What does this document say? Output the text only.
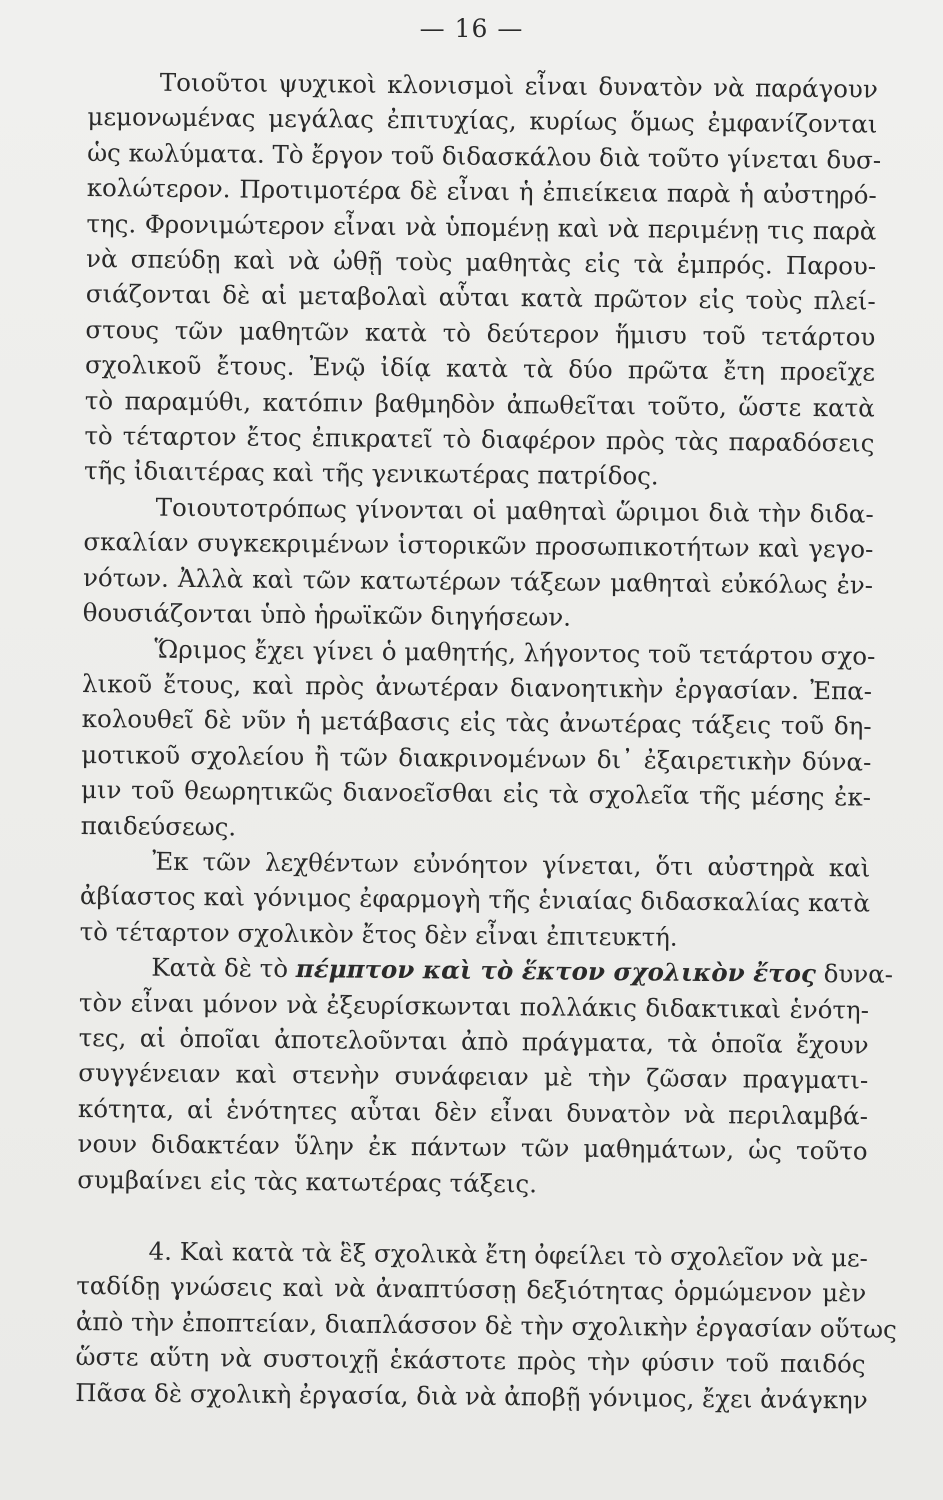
— 16 —
Τοιοῦτοι ψυχικοὶ κλονισμοὶ εἶναι δυνατὸν νὰ παράγουν
μεμονωμένας μεγάλας ἐπιτυχίας, κυρίως ὅμως ἐμφανίζονται
ὡς κωλύματα. Τὸ ἔργον τοῦ διδασκάλου διὰ τοῦτο γίνεται δυσ-
κολώτερον. Προτιμοτέρα δὲ εἶναι ἡ ἐπιείκεια παρὰ ἡ αὐστηρό-
της. Φρονιμώτερον εἶναι νὰ ὑπομένῃ καὶ νὰ περιμένῃ τις παρὰ
νὰ σπεύδῃ καὶ νὰ ὠθῇ τοὺς μαθητὰς εἰς τὰ ἐμπρός. Παρου-
σιάζονται δὲ αἱ μεταβολαὶ αὗται κατὰ πρῶτον εἰς τοὺς πλεί-
στους τῶν μαθητῶν κατὰ τὸ δεύτερον ἥμισυ τοῦ τετάρτου
σχολικοῦ ἔτους. Ἐνῷ ἰδίᾳ κατὰ τὰ δύο πρῶτα ἔτη προεῖχε
τὸ παραμύθι, κατόπιν βαθμηδὸν ἀπωθεῖται τοῦτο, ὥστε κατὰ
τὸ τέταρτον ἔτος ἐπικρατεῖ τὸ διαφέρον πρὸς τὰς παραδόσεις
τῆς ἰδιαιτέρας καὶ τῆς γενικωτέρας πατρίδος.
Τοιουτοτρόπως γίνονται οἱ μαθηταὶ ὥριμοι διὰ τὴν διδα-
σκαλίαν συγκεκριμένων ἱστορικῶν προσωπικοτήτων καὶ γεγο-
νότων. Ἀλλὰ καὶ τῶν κατωτέρων τάξεων μαθηταὶ εὐκόλως ἐν-
θουσιάζονται ὑπὸ ἡρωϊκῶν διηγήσεων.
Ὥριμος ἔχει γίνει ὁ μαθητής, λήγοντος τοῦ τετάρτου σχο-
λικοῦ ἔτους, καὶ πρὸς ἀνωτέραν διανοητικὴν ἐργασίαν. Ἐπα-
κολουθεῖ δὲ νῦν ἡ μετάβασις εἰς τὰς ἀνωτέρας τάξεις τοῦ δη-
μοτικοῦ σχολείου ἢ τῶν διακρινομένων δι᾽ ἐξαιρετικὴν δύνα-
μιν τοῦ θεωρητικῶς διανοεῖσθαι εἰς τὰ σχολεῖα τῆς μέσης ἐκ-
παιδεύσεως.
Ἐκ τῶν λεχθέντων εὐνόητον γίνεται, ὅτι αὐστηρὰ καὶ
ἀβίαστος καὶ γόνιμος ἐφαρμογὴ τῆς ἑνιαίας διδασκαλίας κατὰ
τὸ τέταρτον σχολικὸν ἔτος δὲν εἶναι ἐπιτευκτή.
Κατὰ δὲ τὸ πέμπτον καὶ τὸ ἕκτον σχολικὸν ἔτος δυνα-
τὸν εἶναι μόνον νὰ ἐξευρίσκωνται πολλάκις διδακτικαὶ ἑνότη-
τες, αἱ ὁποῖαι ἀποτελοῦνται ἀπὸ πράγματα, τὰ ὁποῖα ἔχουν
συγγένειαν καὶ στενὴν συνάφειαν μὲ τὴν ζῶσαν πραγματι-
κότητα, αἱ ἑνότητες αὗται δὲν εἶναι δυνατὸν νὰ περιλαμβά-
νουν διδακτέαν ὕλην ἐκ πάντων τῶν μαθημάτων, ὡς τοῦτο
συμβαίνει εἰς τὰς κατωτέρας τάξεις.
4. Καὶ κατὰ τὰ ἓξ σχολικὰ ἔτη ὀφείλει τὸ σχολεῖον νὰ με-
ταδίδῃ γνώσεις καὶ νὰ ἀναπτύσσῃ δεξιότητας ὁρμώμενον μὲν
ἀπὸ τὴν ἐποπτείαν, διαπλάσσον δὲ τὴν σχολικὴν ἐργασίαν οὕτως
ὥστε αὕτη νὰ συστοιχῇ ἑκάστοτε πρὸς τὴν φύσιν τοῦ παιδός
Πᾶσα δὲ σχολικὴ ἐργασία, διὰ νὰ ἀποβῇ γόνιμος, ἔχει ἀνάγκην
